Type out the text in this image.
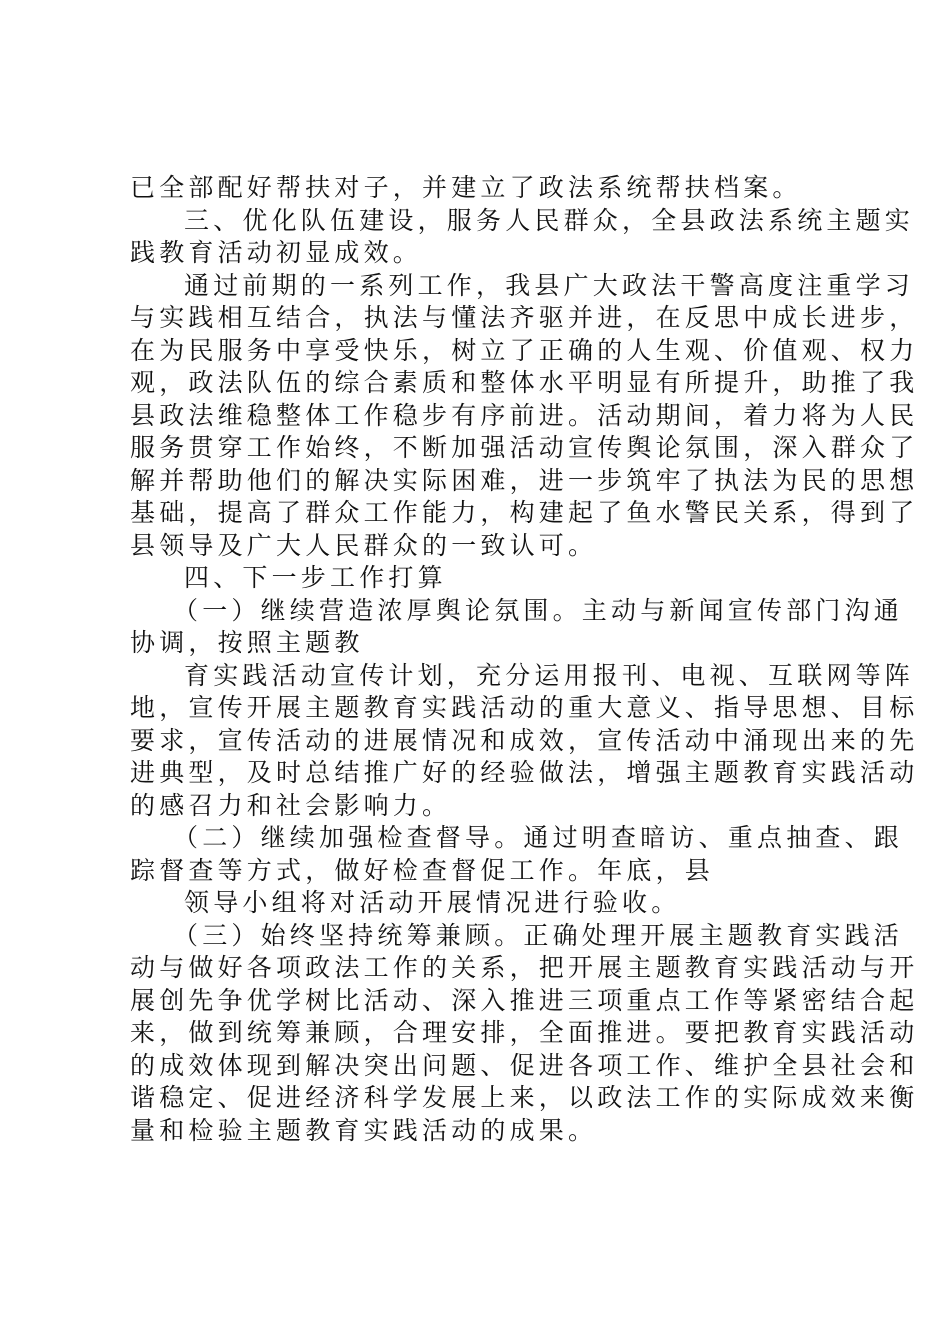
已全部配好帮扶对子，并建立了政法系统帮扶档案。
三、优化队伍建设，服务人民群众，全县政法系统主题实
践教育活动初显成效。
通过前期的一系列工作，我县广大政法干警高度注重学习
与实践相互结合，执法与懂法齐驱并进，在反思中成长进步，
在为民服务中享受快乐，树立了正确的人生观、价值观、权力
观，政法队伍的综合素质和整体水平明显有所提升，助推了我
县政法维稳整体工作稳步有序前进。活动期间，着力将为人民
服务贯穿工作始终，不断加强活动宣传舆论氛围，深入群众了
解并帮助他们的解决实际困难，进一步筑牢了执法为民的思想
基础，提高了群众工作能力，构建起了鱼水警民关系，得到了
县领导及广大人民群众的一致认可。
四、下一步工作打算
（一）继续营造浓厚舆论氛围。主动与新闻宣传部门沟通
协调，按照主题教
育实践活动宣传计划，充分运用报刊、电视、互联网等阵
地，宣传开展主题教育实践活动的重大意义、指导思想、目标
要求，宣传活动的进展情况和成效，宣传活动中涌现出来的先
进典型，及时总结推广好的经验做法，增强主题教育实践活动
的感召力和社会影响力。
（二）继续加强检查督导。通过明查暗访、重点抽查、跟
踪督查等方式，做好检查督促工作。年底，县
领导小组将对活动开展情况进行验收。
（三）始终坚持统筹兼顾。正确处理开展主题教育实践活
动与做好各项政法工作的关系，把开展主题教育实践活动与开
展创先争优学树比活动、深入推进三项重点工作等紧密结合起
来，做到统筹兼顾，合理安排，全面推进。要把教育实践活动
的成效体现到解决突出问题、促进各项工作、维护全县社会和
谐稳定、促进经济科学发展上来，以政法工作的实际成效来衡
量和检验主题教育实践活动的成果。
